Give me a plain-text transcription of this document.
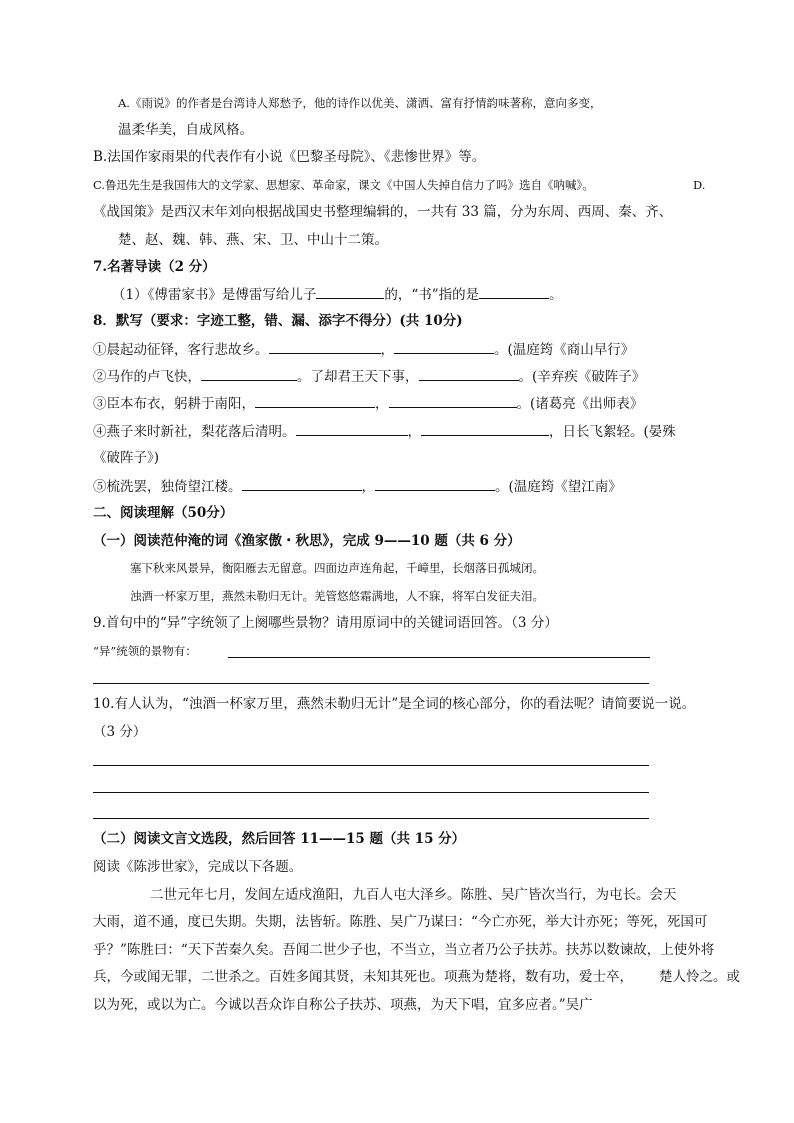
A.《雨说》的作者是台湾诗人郑愁予，他的诗作以优美、潇洒、富有抒情韵味著称，意向多变，
温柔华美，自成风格。
B.法国作家雨果的代表作有小说《巴黎圣母院》、《悲惨世界》等。
C.鲁迅先生是我国伟大的文学家、思想家、革命家，课文《中国人失掉自信力了吗》选自《呐喊》。	D.
《战国策》是西汉末年刘向根据战国史书整理编辑的，一共有 33 篇，分为东周、西周、秦、齐、
楚、赵、魏、韩、燕、宋、卫、中山十二策。
7.名著导读（2 分）
（1）《傅雷家书》是傅雷写给儿子	的，“书”指的是	。
8．默写（要求：字迹工整，错、漏、添字不得分）(共 10分)
①晨起动征铎，客行悲故乡。	，	。(温庭筠《商山早行》
②马作的卢飞快，	。了却君王天下事，	。(辛弃疾《破阵子》
③臣本布衣，躬耕于南阳，	，	。(诸葛亮《出师表》
④燕子来时新社，梨花落后清明。	，	，日长飞絮轻。(晏殊
《破阵子》)
⑤梳洗罢，独倚望江楼。	，	。(温庭筠《望江南》
二、阅读理解（50分）
（一）阅读范仲淹的词《渔家傲・秋思》，完成 9——10 题（共 6 分）
塞下秋来风景异，衡阳雁去无留意。四面边声连角起，千嶂里，长烟落日孤城闭。
浊酒一杯家万里，燕然未勒归无计。羌管悠悠霜满地，人不寐，将军白发征夫泪。
9.首句中的“异”字统领了上阕哪些景物？请用原词中的关键词语回答。（3 分）
“异”统领的景物有：
10.有人认为，“浊酒一杯家万里，燕然未勒归无计”是全词的核心部分，你的看法呢？请简要说一说。
（3 分）
（二）阅读文言文选段，然后回答 11——15 题（共 15 分）
阅读《陈涉世家》，完成以下各题。
二世元年七月，发闾左适戍渔阳，九百人屯大泽乡。陈胜、吴广皆次当行，为屯长。会天
大雨，道不通，度已失期。失期，法皆斩。陈胜、吴广乃谋曰：“今亡亦死，举大计亦死；等死，死国可
乎？”陈胜曰：“天下苦秦久矣。吾闻二世少子也，不当立，当立者乃公子扶苏。扶苏以数谏故，上使外将
兵，今或闻无罪，二世杀之。百姓多闻其贤，未知其死也。项燕为楚将，数有功，爱士卒， 楚人怜之。或
以为死，或以为亡。今诚以吾众诈自称公子扶苏、项燕，为天下唱，宜多应者。”吴广
